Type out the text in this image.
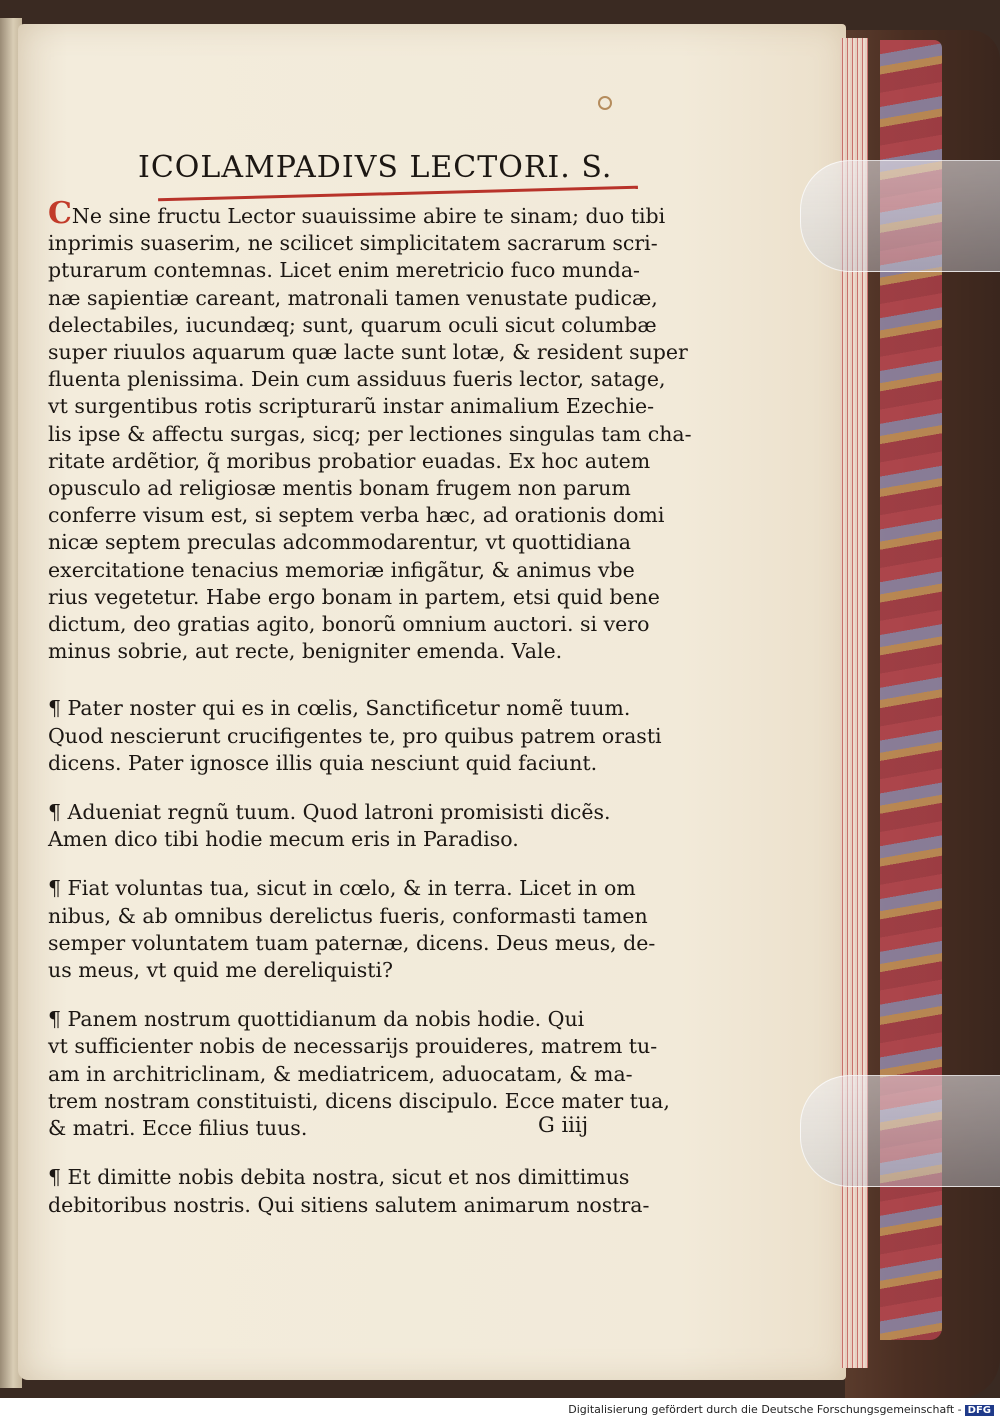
ICOLAMPADIVS LECTORI. S.

CNe sine fructu Lector suauissime abire te sinam; duo tibi
inprimis suaserim, ne scilicet simplicitatem sacrarum scri-
pturarum contemnas. Licet enim meretricio fuco munda-
næ sapientiæ careant, matronali tamen venustate pudicæ,
delectabiles, iucundæq; sunt, quarum oculi sicut columbæ
super riuulos aquarum quæ lacte sunt lotæ, & resident super
fluenta plenissima. Dein cum assiduus fueris lector, satage,
vt surgentibus rotis scripturarũ instar animalium Ezechie-
lis ipse & affectu surgas, sicq; per lectiones singulas tam cha-
ritate ardẽtior, q̃ moribus probatior euadas. Ex hoc autem
opusculo ad religiosæ mentis bonam frugem non parum
conferre visum est, si septem verba hæc, ad orationis domi
nicæ septem preculas adcommodarentur, vt quottidiana
exercitatione tenacius memoriæ infigãtur, & animus vbe
rius vegetetur. Habe ergo bonam in partem, etsi quid bene
dictum, deo gratias agito, bonorũ omnium auctori. si vero
minus sobrie, aut recte, benigniter emenda. Vale.

¶ Pater noster qui es in cœlis, Sanctificetur nomẽ tuum.
Quod nescierunt crucifigentes te, pro quibus patrem orasti
dicens. Pater ignosce illis quia nesciunt quid faciunt.

¶ Adueniat regnũ tuum. Quod latroni promisisti dicẽs.
Amen dico tibi hodie mecum eris in Paradiso.

¶ Fiat voluntas tua, sicut in cœlo, & in terra. Licet in om
nibus, & ab omnibus derelictus fueris, conformasti tamen
semper voluntatem tuam paternæ, dicens. Deus meus, de-
us meus, vt quid me dereliquisti?

¶ Panem nostrum quottidianum da nobis hodie. Qui
vt sufficienter nobis de necessarijs prouideres, matrem tu-
am in architriclinam, & mediatricem, aduocatam, & ma-
trem nostram constituisti, dicens discipulo. Ecce mater tua,
& matri. Ecce filius tuus.

¶ Et dimitte nobis debita nostra, sicut et nos dimittimus
debitoribus nostris. Qui sitiens salutem animarum nostra-

G iiij
Digitalisierung gefördert durch die Deutsche Forschungsgemeinschaft - DFG
